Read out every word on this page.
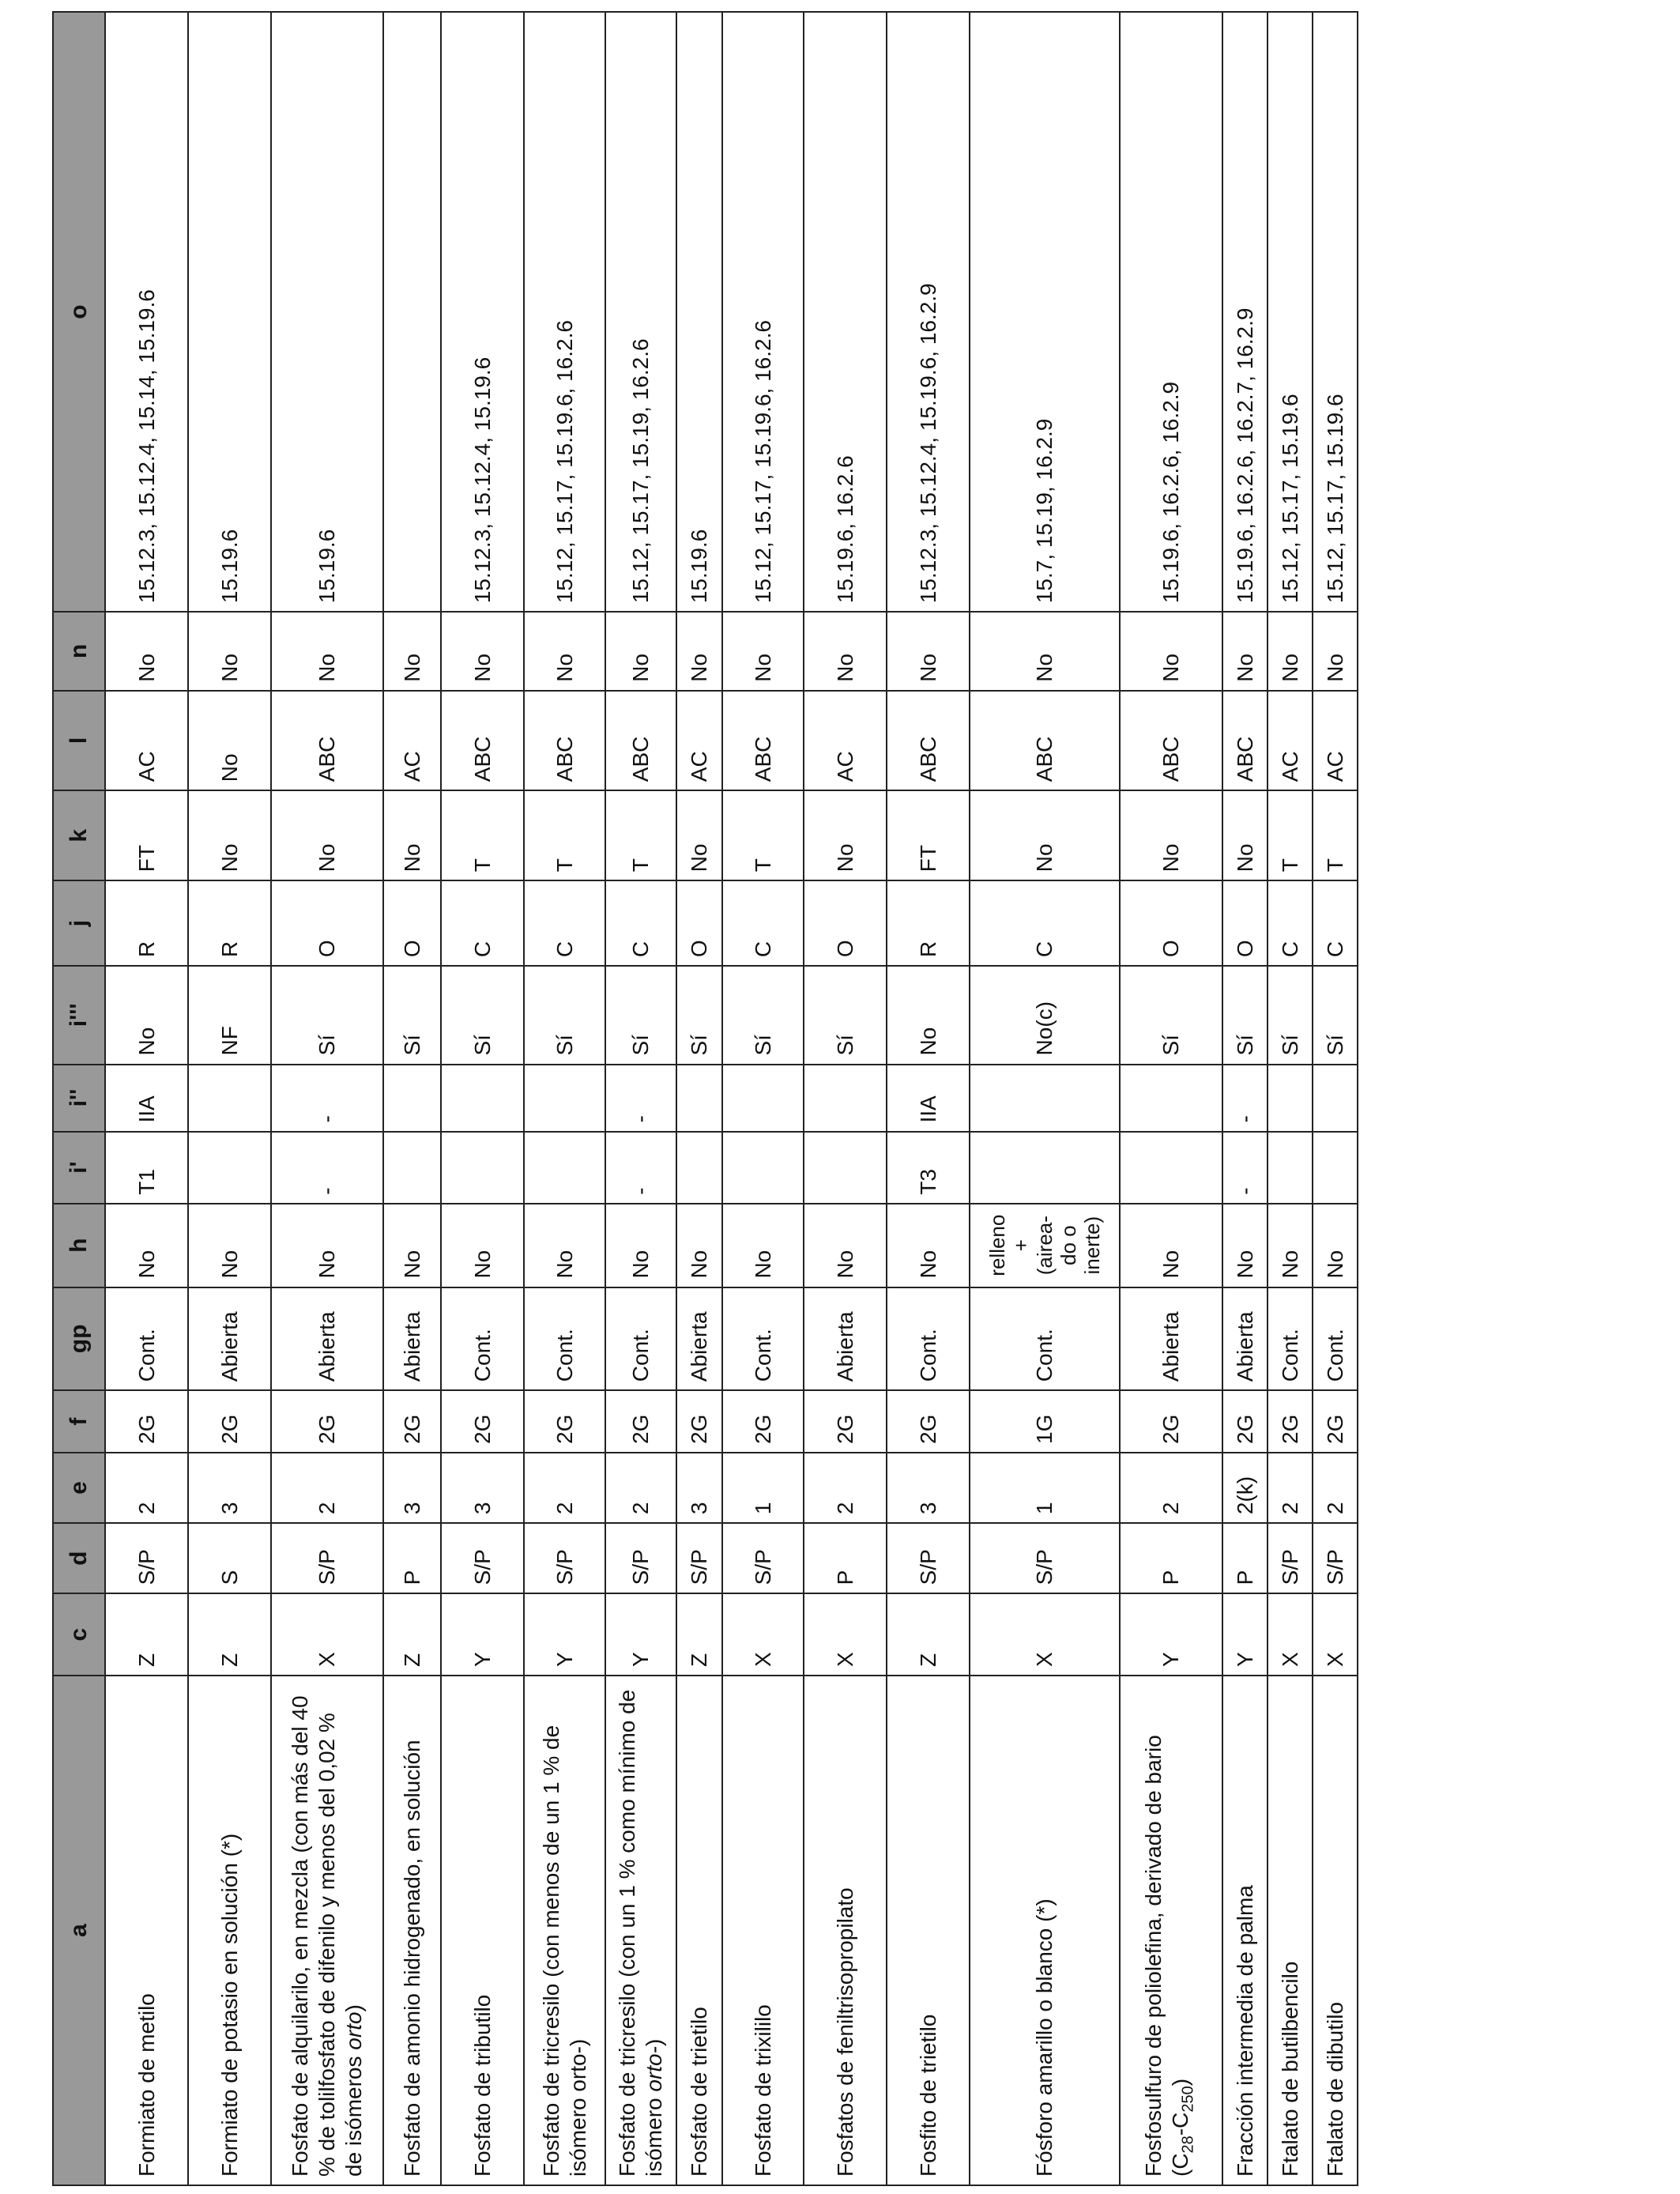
a	c	d	e	f	gp	h	i'	i''	i'''	j	k	l	n	o
Formiato de metilo	Z	S/P	2	2G	Cont.	No	T1	IIA	No	R	FT	AC	No	15.12.3, 15.12.4, 15.14, 15.19.6
Formiato de potasio en solución (*)	Z	S	3	2G	Abierta	No			NF	R	No	No	No	15.19.6
Fosfato de alquilarilo, en mezcla (con más del 40 % de tolilfosfato de difenilo y menos del 0,02 % de isómeros orto)	X	S/P	2	2G	Abierta	No	-	-	Sí	O	No	ABC	No	15.19.6
Fosfato de amonio hidrogenado, en solución	Z	P	3	2G	Abierta	No			Sí	O	No	AC	No	
Fosfato de tributilo	Y	S/P	3	2G	Cont.	No			Sí	C	T	ABC	No	15.12.3, 15.12.4, 15.19.6
Fosfato de tricresilo (con menos de un 1 % de isómero orto-)	Y	S/P	2	2G	Cont.	No			Sí	C	T	ABC	No	15.12, 15.17, 15.19.6, 16.2.6
Fosfato de tricresilo (con un 1 % como mínimo de isómero orto-)	Y	S/P	2	2G	Cont.	No	-	-	Sí	C	T	ABC	No	15.12, 15.17, 15.19, 16.2.6
Fosfato de trietilo	Z	S/P	3	2G	Abierta	No			Sí	O	No	AC	No	15.19.6
Fosfato de trixililo	X	S/P	1	2G	Cont.	No			Sí	C	T	ABC	No	15.12, 15.17, 15.19.6, 16.2.6
Fosfatos de feniltrisopropilato	X	P	2	2G	Abierta	No			Sí	O	No	AC	No	15.19.6, 16.2.6
Fosfito de trietilo	Z	S/P	3	2G	Cont.	No	T3	IIA	No	R	FT	ABC	No	15.12.3, 15.12.4, 15.19.6, 16.2.9
Fósforo amarillo o blanco (*)	X	S/P	1	1G	Cont.	relleno + (airea- do o inerte)			No(c)	C	No	ABC	No	15.7, 15.19, 16.2.9
Fosfosulfuro de poliolefina, derivado de bario $(C_{28}-C_{250})$	Y	P	2	2G	Abierta	No			Sí	O	No	ABC	No	15.19.6, 16.2.6, 16.2.9
Fracción intermedia de palma	Y	P	2(k)	2G	Abierta	No	-	-	Sí	O	No	ABC	No	15.19.6, 16.2.6, 16.2.7, 16.2.9
Ftalato de butilbencilo	X	S/P	2	2G	Cont.	No			Sí	C	T	AC	No	15.12, 15.17, 15.19.6
Ftalato de dibutilo	X	S/P	2	2G	Cont.	No			Sí	C	T	AC	No	15.12, 15.17, 15.19.6
